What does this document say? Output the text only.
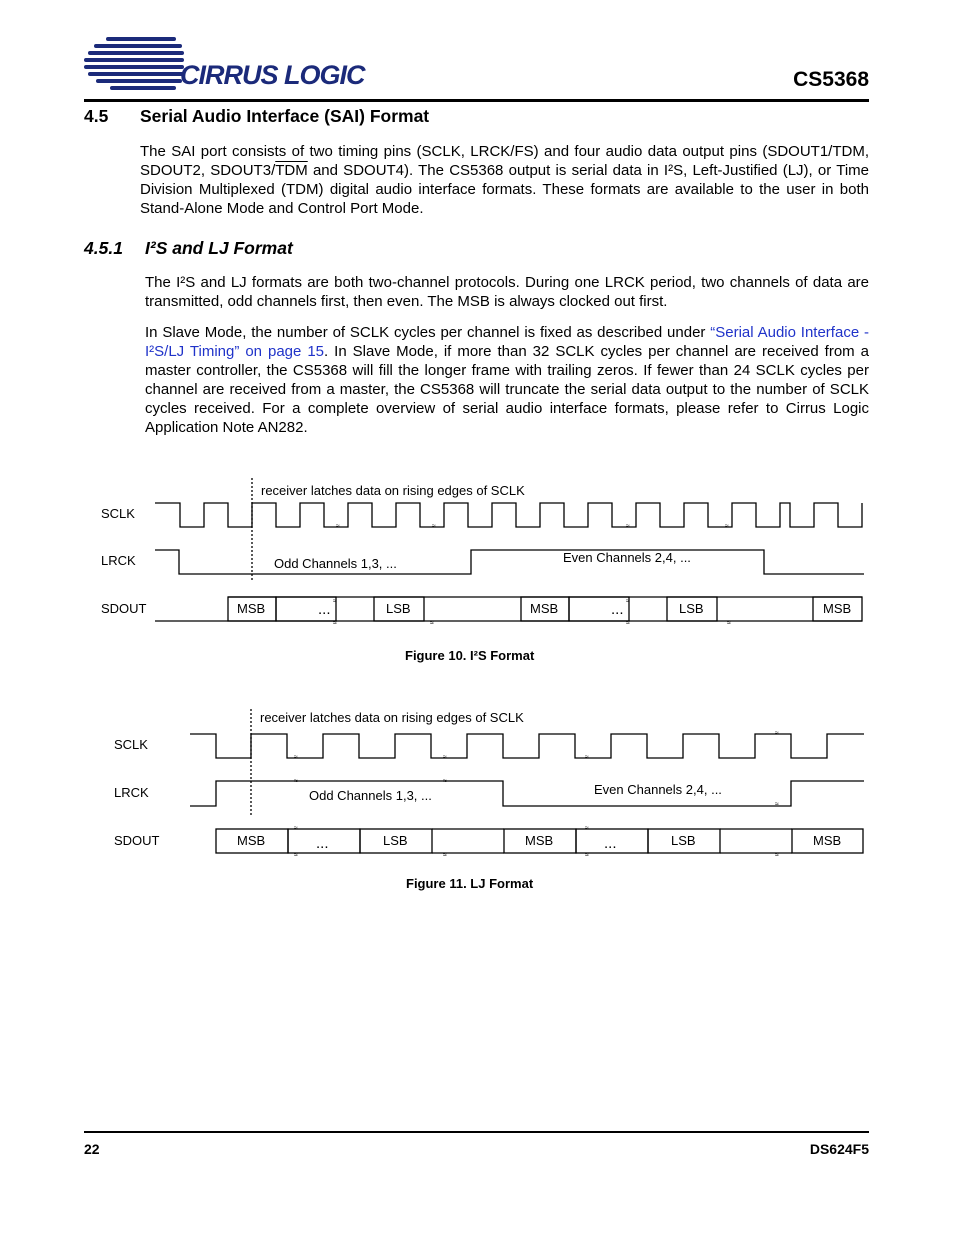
CIRRUS LOGIC	CS5368
4.5 Serial Audio Interface (SAI) Format
The SAI port consists of two timing pins (SCLK, LRCK/FS) and four audio data output pins (SDOUT1/TDM, SDOUT2, $SDOUT3/\overline{TDM}$ and SDOUT4). The CS5368 output is serial data in I²S, Left-Justified (LJ), or Time Division Multiplexed (TDM) digital audio interface formats. These formats are available to the user in both Stand-Alone Mode and Control Port Mode.
4.5.1 I²S and LJ Format
The I²S and LJ formats are both two-channel protocols. During one LRCK period, two channels of data are transmitted, odd channels first, then even. The MSB is always clocked out first.
In Slave Mode, the number of SCLK cycles per channel is fixed as described under “Serial Audio Interface - I²S/LJ Timing” on page 15. In Slave Mode, if more than 32 SCLK cycles per channel are received from a master controller, the CS5368 will fill the longer frame with trailing zeros. If fewer than 24 SCLK cycles per channel are received from a master, the CS5368 will truncate the serial data output to the number of SCLK cycles received. For a complete overview of serial audio interface formats, please refer to Cirrus Logic Application Note AN282.
≈	≈	≈	≈
≈
≈	≈
≈
≈	≈
≈	≈	≈
≈
≈	≈
≈
≈
≈	≈
≈
≈	≈
receiver latches data on rising edges of SCLK
SCLK
LRCK
SDOUT
Odd Channels 1,3, ...	Even Channels 2,4, ...
MSB	...	LSB	MSB	...	LSB	MSB
receiver latches data on rising edges of SCLK
SCLK
LRCK
SDOUT
Odd Channels 1,3, ...	Even Channels 2,4, ...
MSB	...	LSB	MSB	...	LSB	MSB
Figure 10. I²S Format
Figure 11. LJ Format
22	DS624F5
